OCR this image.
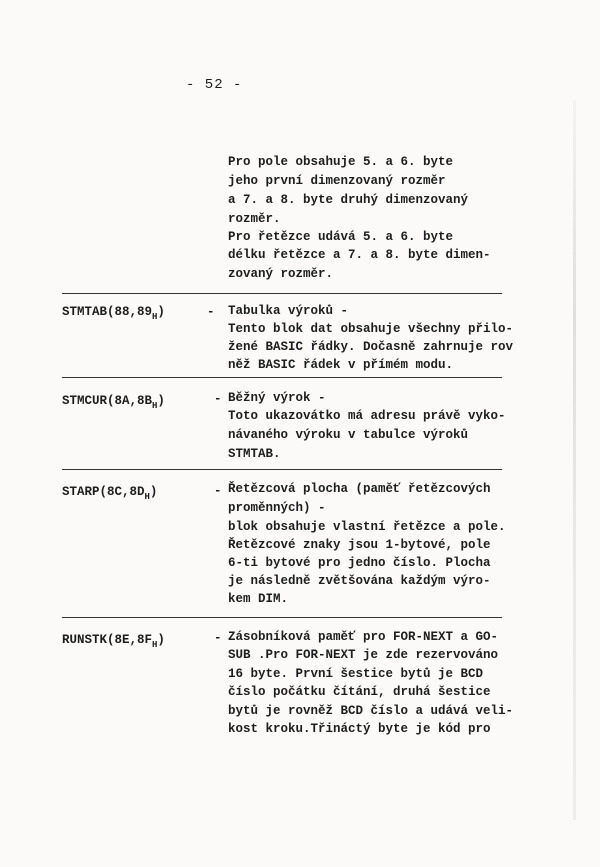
- 52 -
Pro pole obsahuje 5. a 6. byte
jeho první dimenzovaný rozměr
a 7. a 8. byte druhý dimenzovaný
rozměr.
Pro řetězce udává 5. a 6. byte
délku řetězce a 7. a 8. byte dimen-
zovaný rozměr.
$STMTAB(88,89_H)$	- Tabulka výroků -
Tento blok dat obsahuje všechny přilo-
žené BASIC řádky. Dočasně zahrnuje rov
něž BASIC řádek v přímém modu.
$STMCUR(8A,8B_H)$	- Běžný výrok -
Toto ukazovátko má adresu právě vyko-
návaného výroku v tabulce výroků
STMTAB.
$STARP(8C,8D_H)$	- Řetězcová plocha (paměť řetězcových
proměnných) -
blok obsahuje vlastní řetězce a pole.
Řetězcové znaky jsou 1-bytové, pole
6-ti bytové pro jedno číslo. Plocha
je následně zvětšována každým výro-
kem DIM.
$RUNSTK(8E,8F_H)$	- Zásobníková paměť pro FOR-NEXT a GO-
SUB .Pro FOR-NEXT je zde rezervováno
16 byte. První šestice bytů je BCD
číslo počátku čítání, druhá šestice
bytů je rovněž BCD číslo a udává veli-
kost kroku.Třináctý byte je kód pro
